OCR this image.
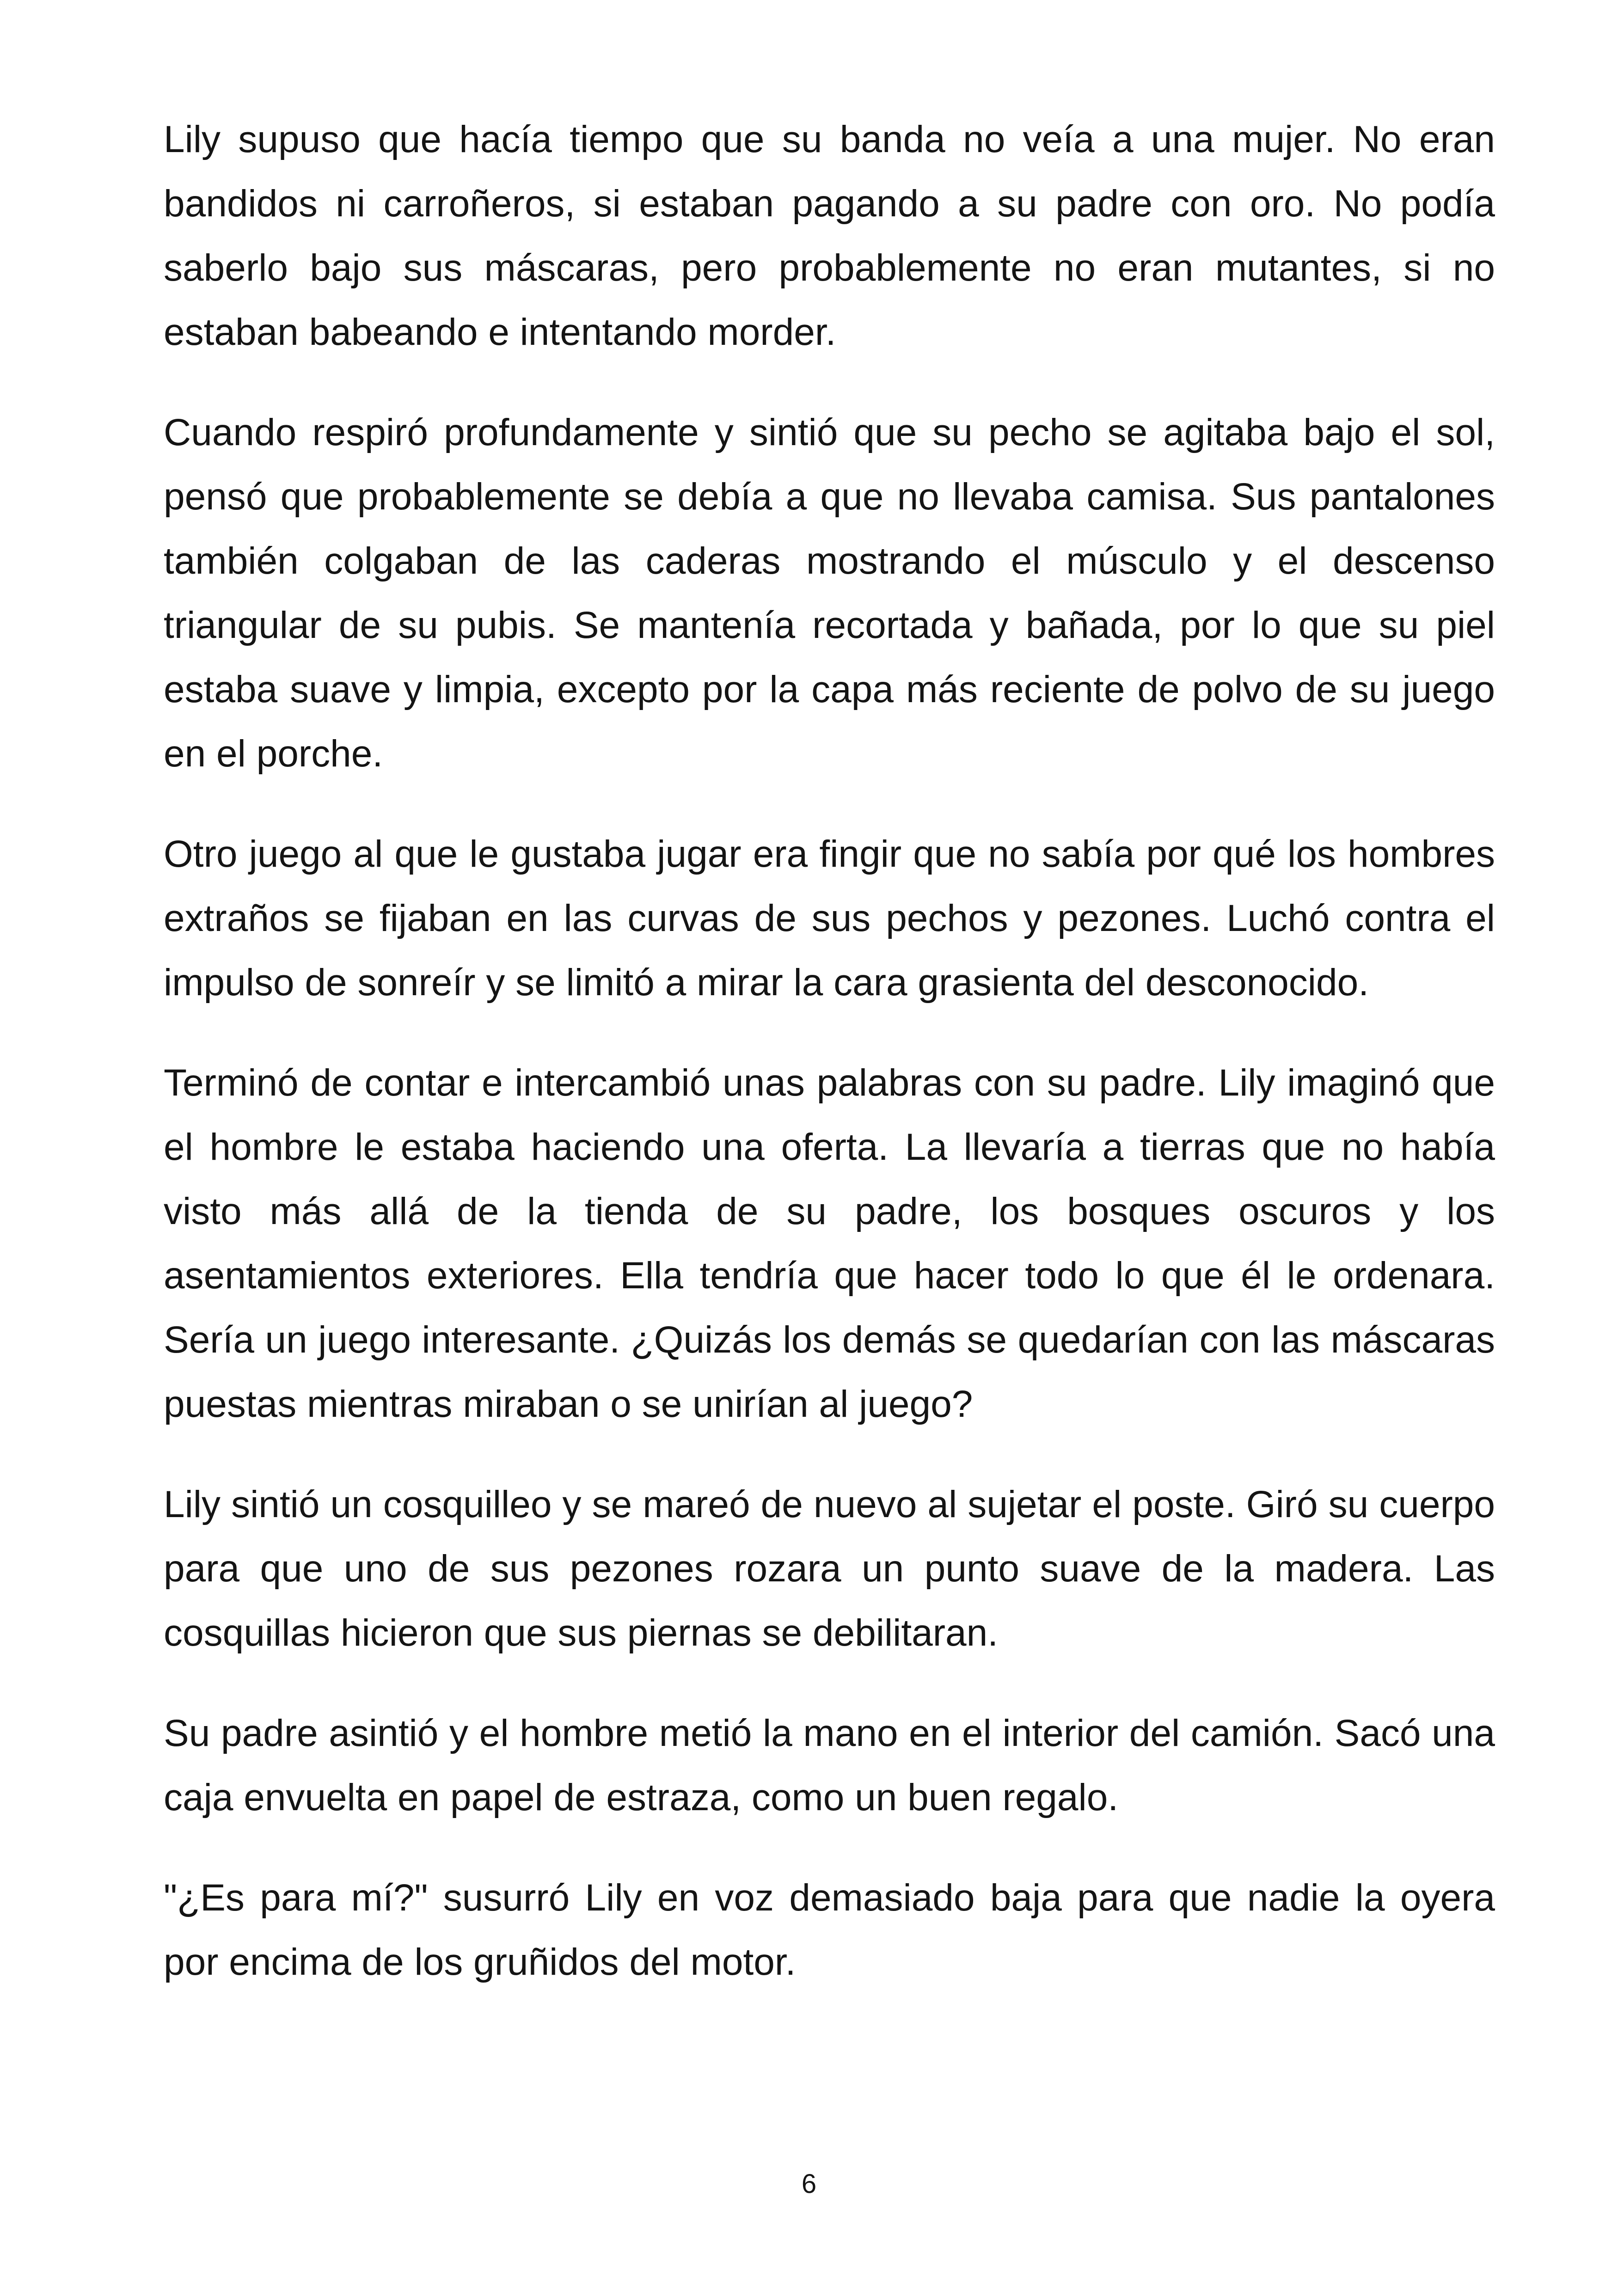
Lily supuso que hacía tiempo que su banda no veía a una mujer. No eran bandidos ni carroñeros, si estaban pagando a su padre con oro. No podía saberlo bajo sus máscaras, pero probablemente no eran mutantes, si no estaban babeando e intentando morder.

Cuando respiró profundamente y sintió que su pecho se agitaba bajo el sol, pensó que probablemente se debía a que no llevaba camisa. Sus pantalones también colgaban de las caderas mostrando el músculo y el descenso triangular de su pubis. Se mantenía recortada y bañada, por lo que su piel estaba suave y limpia, excepto por la capa más reciente de polvo de su juego en el porche.

Otro juego al que le gustaba jugar era fingir que no sabía por qué los hombres extraños se fijaban en las curvas de sus pechos y pezones. Luchó contra el impulso de sonreír y se limitó a mirar la cara grasienta del desconocido.

Terminó de contar e intercambió unas palabras con su padre. Lily imaginó que el hombre le estaba haciendo una oferta. La llevaría a tierras que no había visto más allá de la tienda de su padre, los bosques oscuros y los asentamientos exteriores. Ella tendría que hacer todo lo que él le ordenara. Sería un juego interesante. ¿Quizás los demás se quedarían con las máscaras puestas mientras miraban o se unirían al juego?

Lily sintió un cosquilleo y se mareó de nuevo al sujetar el poste. Giró su cuerpo para que uno de sus pezones rozara un punto suave de la madera. Las cosquillas hicieron que sus piernas se debilitaran.

Su padre asintió y el hombre metió la mano en el interior del camión. Sacó una caja envuelta en papel de estraza, como un buen regalo.

"¿Es para mí?" susurró Lily en voz demasiado baja para que nadie la oyera por encima de los gruñidos del motor.

6
